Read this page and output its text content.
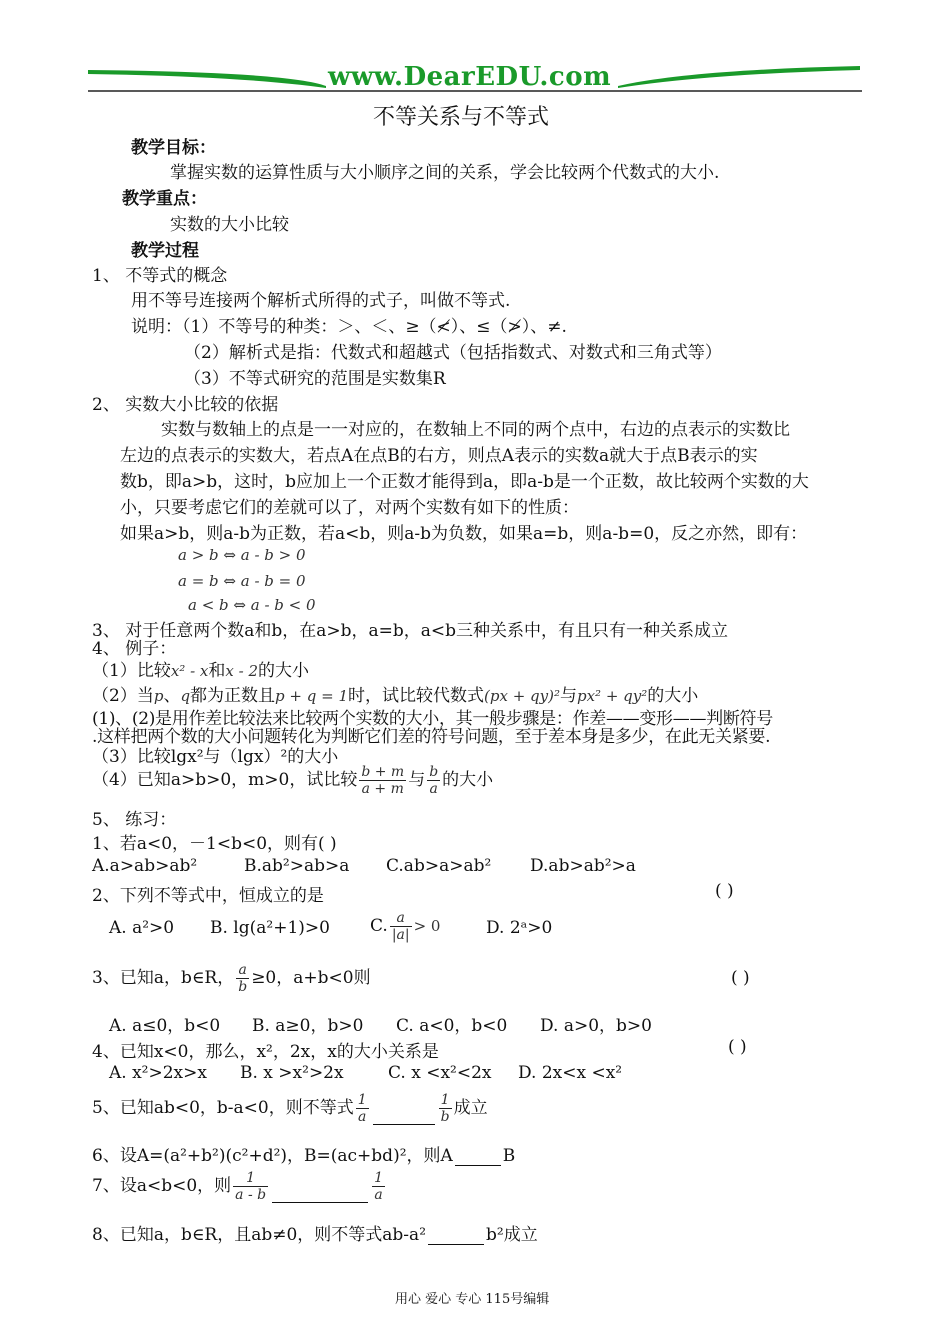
www.DearEDU.com
不等关系与不等式
教学目标：
掌握实数的运算性质与大小顺序之间的关系，学会比较两个代数式的大小.
教学重点：
实数的大小比较
教学过程
1、 不等式的概念
用不等号连接两个解析式所得的式子，叫做不等式.
说明：（1）不等号的种类：＞、＜、≥（≮）、≤（≯）、≠.
（2）解析式是指：代数式和超越式（包括指数式、对数式和三角式等）
（3）不等式研究的范围是实数集R
2、 实数大小比较的依据
实数与数轴上的点是一一对应的，在数轴上不同的两个点中，右边的点表示的实数比
左边的点表示的实数大，若点A在点B的右方，则点A表示的实数a就大于点B表示的实
数b，即a>b，这时，b应加上一个正数才能得到a，即a-b是一个正数，故比较两个实数的大
小，只要考虑它们的差就可以了，对两个实数有如下的性质：
如果a>b，则a-b为正数，若a<b，则a-b为负数，如果a=b，则a-b=0，反之亦然，即有：
a > b ⇔ a - b > 0
a = b ⇔ a - b = 0
a < b ⇔ a - b < 0
3、 对于任意两个数a和b，在a>b，a=b，a<b三种关系中，有且只有一种关系成立
4、 例子：
（1）比较x² - x和x - 2的大小
（2）当p、q都为正数且p + q = 1时，试比较代数式(px + qy)²与px² + qy²的大小
(1)、(2)是用作差比较法来比较两个实数的大小，其一般步骤是：作差——变形——判断符号
.这样把两个数的大小问题转化为判断它们差的符号问题，至于差本身是多少，在此无关紧要.
（3）比较lgx²与（lgx）²的大小
（4）已知a>b>0，m>0，试比较 $\frac{b + m}{a + m}$ 与 $\frac{b}{a}$ 的大小
5、 练习：
1、若a<0，－1<b<0，则有( )
A.a>ab>ab²	B.ab²>ab>a C.ab>a>ab² D.ab>ab²>a
2、下列不等式中，恒成立的是	( )
A. a²>0 B. lg(a²+1)>0 C. $\frac{a}{|a|} > 0$	D. 2ᵃ>0
3、已知a，b∈R， $\frac{a}{b} \ge 0$，a+b<0则	( )
A. a≤0，b<0 B. a≥0，b>0 C. a<0，b<0 D. a>0，b>0
4、已知x<0，那么，x²，2x，x的大小关系是	( )
A. x²>2x>x B. x >x²>2x	C. x <x²<2x D. 2x<x <x²
5、已知ab<0，b-a<0，则不等式 $\frac{1}{a}$	$\frac{1}{b}$ 成立
6、设A=(a²+b²)(c²+d²)，B=(ac+bd)²，则A	B
7、设a<b<0，则 $\frac{1}{a - b}$	$\frac{1}{a}$
8、已知a，b∈R，且ab≠0，则不等式ab-a²	b²成立
用心 爱心 专心 115号编辑
